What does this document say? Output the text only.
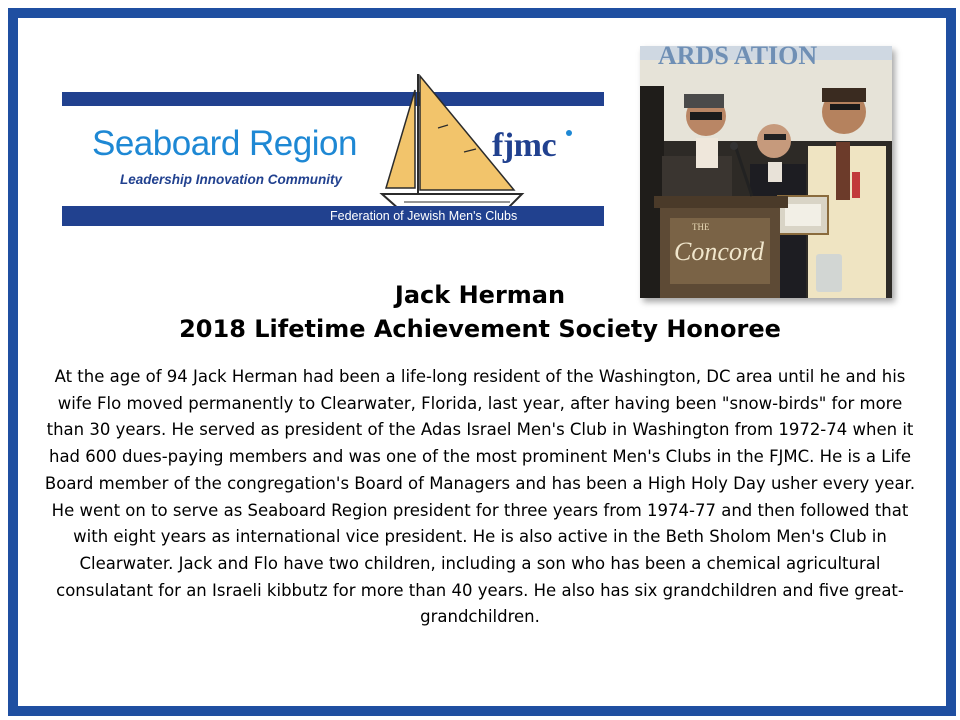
Seaboard Region	fjmc
Leadership Innovation Community
Federation of Jewish Men's Clubs
ARDS ATION
THE
Concord
Jack Herman
2018 Lifetime Achievement Society Honoree

At the age of 94 Jack Herman had been a life-long resident of the Washington, DC area until he and his wife Flo moved permanently to Clearwater, Florida, last year, after having been "snow-birds" for more than 30 years. He served as president of the Adas Israel Men's Club in Washington from 1972-74 when it had 600 dues-paying members and was one of the most prominent Men's Clubs in the FJMC. He is a Life Board member of the congregation's Board of Managers and has been a High Holy Day usher every year. He went on to serve as Seaboard Region president for three years from 1974-77 and then followed that with eight years as international vice president. He is also active in the Beth Sholom Men's Club in Clearwater. Jack and Flo have two children, including a son who has been a chemical agricultural consulatant for an Israeli kibbutz for more than 40 years. He also has six grandchildren and five great-grandchildren.
